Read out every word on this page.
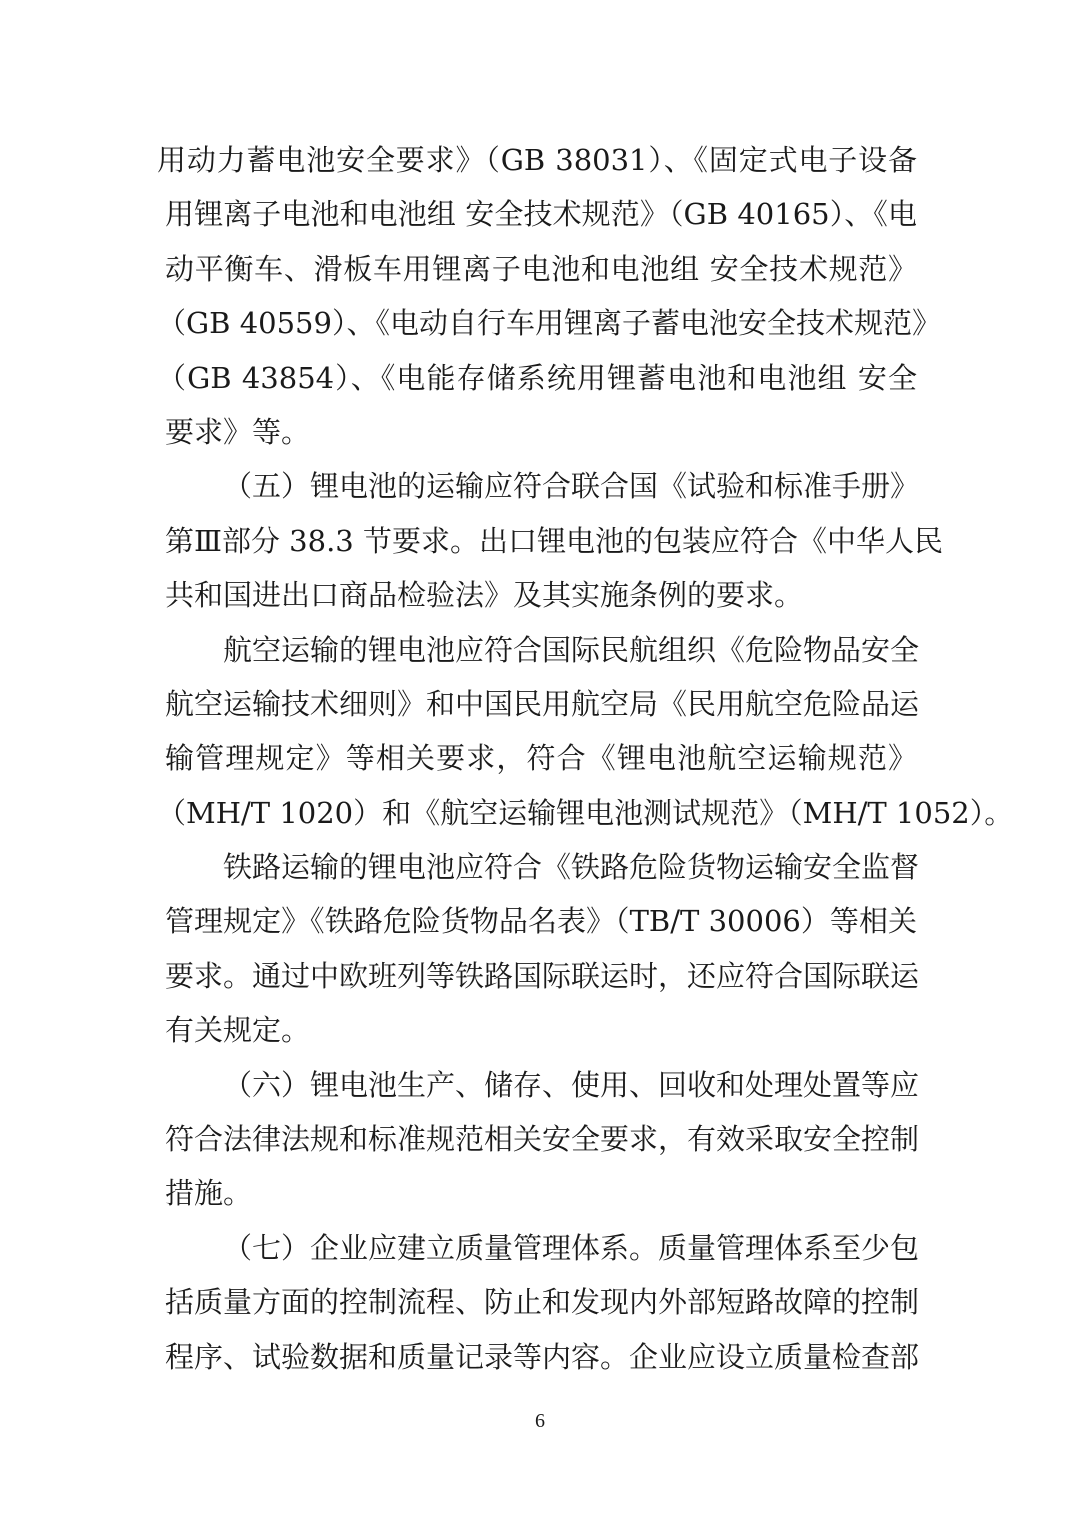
用动力蓄电池安全要求》（GB 38031）、《固定式电子设备
用锂离子电池和电池组 安全技术规范》（GB 40165）、《电
动平衡车、滑板车用锂离子电池和电池组 安全技术规范》
（GB 40559）、《电动自行车用锂离子蓄电池安全技术规范》
（GB 43854）、《电能存储系统用锂蓄电池和电池组 安全
要求》等。
（五）锂电池的运输应符合联合国《试验和标准手册》
第Ⅲ部分 38.3 节要求。出口锂电池的包装应符合《中华人民
共和国进出口商品检验法》及其实施条例的要求。
航空运输的锂电池应符合国际民航组织《危险物品安全
航空运输技术细则》和中国民用航空局《民用航空危险品运
输管理规定》等相关要求，符合《锂电池航空运输规范》
（MH/T 1020）和《航空运输锂电池测试规范》（MH/T 1052）。
铁路运输的锂电池应符合《铁路危险货物运输安全监督
管理规定》《铁路危险货物品名表》（TB/T 30006）等相关
要求。通过中欧班列等铁路国际联运时，还应符合国际联运
有关规定。
（六）锂电池生产、储存、使用、回收和处理处置等应
符合法律法规和标准规范相关安全要求，有效采取安全控制
措施。
（七）企业应建立质量管理体系。质量管理体系至少包
括质量方面的控制流程、防止和发现内外部短路故障的控制
程序、试验数据和质量记录等内容。企业应设立质量检查部
6
